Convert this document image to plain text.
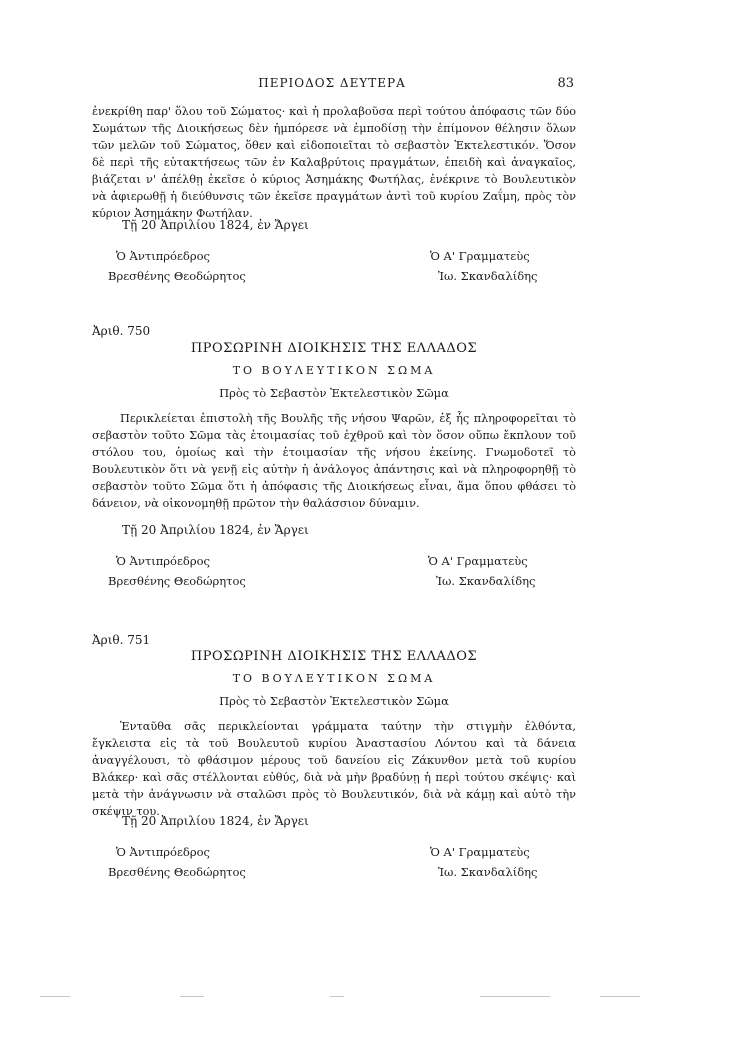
ΠΕΡΙΟΔΟΣ ΔΕΥΤΕΡΑ	83

ἐνεκρίθη παρ' ὅλου τοῦ Σώματος· καὶ ἡ προλαβοῦσα περὶ τούτου ἀπόφασις τῶν δύο Σωμάτων τῆς Διοικήσεως δὲν ἠμπόρεσε νὰ ἐμποδίσῃ τὴν ἐπίμονον θέλησιν ὅλων τῶν μελῶν τοῦ Σώματος, ὅθεν καὶ εἰδοποιεῖται τὸ σεβαστὸν Ἐκτελεστικόν. Ὅσον δὲ περὶ τῆς εὐτακτήσεως τῶν ἐν Καλαβρύτοις πραγμάτων, ἐπειδὴ καὶ ἀναγκαῖος, βιάζεται ν' ἀπέλθῃ ἐκεῖσε ὁ κύριος Ἀσημάκης Φωτήλας, ἐνέκρινε τὸ Βουλευτικὸν νὰ ἀφιερωθῇ ἡ διεύθυνσις τῶν ἐκεῖσε πραγμάτων ἀντὶ τοῦ κυρίου Ζαΐμη, πρὸς τὸν κύριον Ἀσημάκην Φωτήλαν.

Τῇ 20 Ἀπριλίου 1824, ἐν Ἄργει
Ὁ Ἀντιπρόεδρος
Βρεσθένης Θεοδώρητος
Ὁ Α' Γραμματεὺς
Ἰω. Σκανδαλίδης
Ἀριθ. 750
ΠΡΟΣΩΡΙΝΗ ΔΙΟΙΚΗΣΙΣ ΤΗΣ ΕΛΛΑΔΟΣ
ΤΟ ΒΟΥΛΕΥΤΙΚΟΝ ΣΩΜΑ
Πρὸς τὸ Σεβαστὸν Ἐκτελεστικὸν Σῶμα

Περικλείεται ἐπιστολὴ τῆς Βουλῆς τῆς νήσου Ψαρῶν, ἐξ ἧς πληροφορεῖται τὸ σεβαστὸν τοῦτο Σῶμα τὰς ἑτοιμασίας τοῦ ἐχθροῦ καὶ τὸν ὅσον οὔπω ἔκπλουν τοῦ στόλου του, ὁμοίως καὶ τὴν ἑτοιμασίαν τῆς νήσου ἐκείνης. Γνωμοδοτεῖ τὸ Βουλευτικὸν ὅτι νὰ γενῇ εἰς αὐτὴν ἡ ἀνάλογος ἀπάντησις καὶ νὰ πληροφορηθῇ τὸ σεβαστὸν τοῦτο Σῶμα ὅτι ἡ ἀπόφασις τῆς Διοικήσεως εἶναι, ἅμα ὅπου φθάσει τὸ δάνειον, νὰ οἰκονομηθῇ πρῶτον τὴν θαλάσσιον δύναμιν.

Τῇ 20 Ἀπριλίου 1824, ἐν Ἄργει
Ὁ Ἀντιπρόεδρος
Βρεσθένης Θεοδώρητος
Ὁ Α' Γραμματεὺς
Ἰω. Σκανδαλίδης
Ἀριθ. 751
ΠΡΟΣΩΡΙΝΗ ΔΙΟΙΚΗΣΙΣ ΤΗΣ ΕΛΛΑΔΟΣ
ΤΟ ΒΟΥΛΕΥΤΙΚΟΝ ΣΩΜΑ
Πρὸς τὸ Σεβαστὸν Ἐκτελεστικὸν Σῶμα

Ἐνταῦθα σᾶς περικλείονται γράμματα ταύτην τὴν στιγμὴν ἐλθόντα, ἔγκλειστα εἰς τὰ τοῦ Βουλευτοῦ κυρίου Ἀναστασίου Λόντου καὶ τὰ δάνεια ἀναγγέλουσι, τὸ φθάσιμον μέρους τοῦ δανείου εἰς Ζάκυνθον μετὰ τοῦ κυρίου Βλάκερ· καὶ σᾶς στέλλονται εὐθύς, διὰ νὰ μὴν βραδύνῃ ἡ περὶ τούτου σκέψις· καὶ μετὰ τὴν ἀνάγνωσιν νὰ σταλῶσι πρὸς τὸ Βουλευτικόν, διὰ νὰ κάμῃ καὶ αὐτὸ τὴν σκέψιν του.

Τῇ 20 Ἀπριλίου 1824, ἐν Ἄργει
Ὁ Ἀντιπρόεδρος
Βρεσθένης Θεοδώρητος
Ὁ Α' Γραμματεὺς
Ἰω. Σκανδαλίδης
